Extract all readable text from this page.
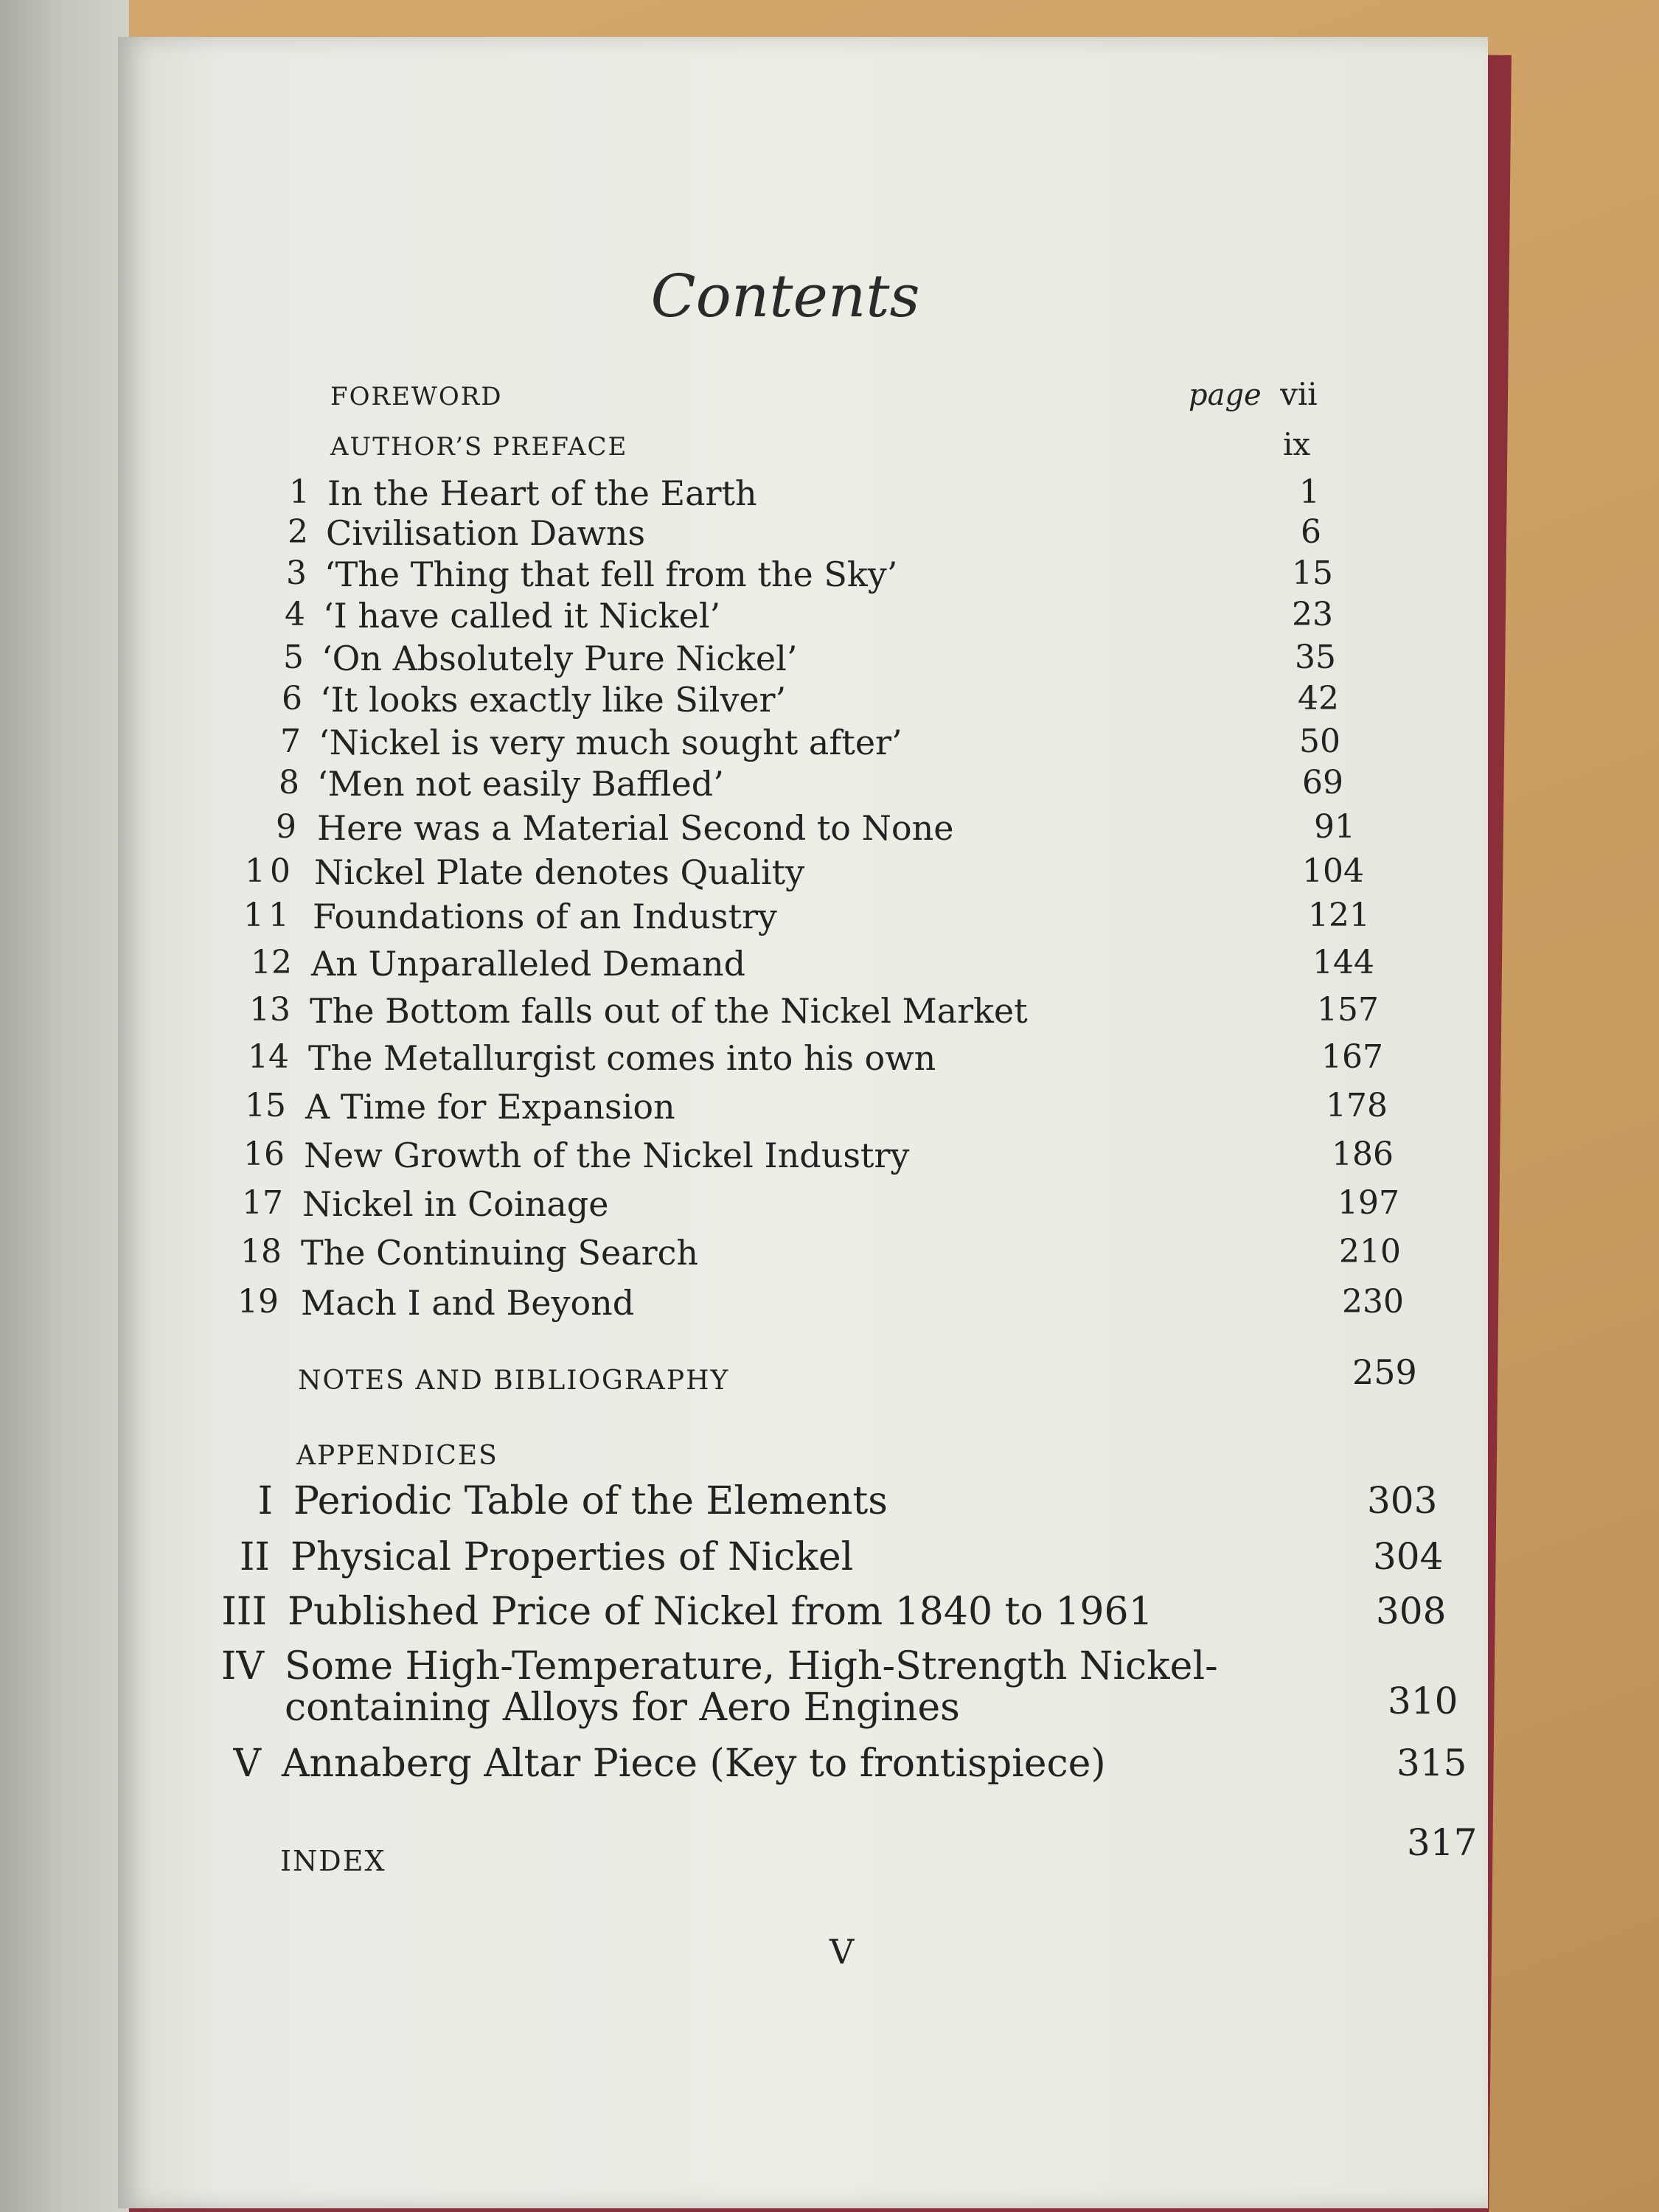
Contents
FOREWORD	page vii
AUTHOR’S PREFACE	ix
1 In the Heart of the Earth	1
2 Civilisation Dawns	6
3 ‘The Thing that fell from the Sky’	15
4 ‘I have called it Nickel’	23
5 ‘On Absolutely Pure Nickel’	35
6 ‘It looks exactly like Silver’	42
7 ‘Nickel is very much sought after’	50
8 ‘Men not easily Baffled’	69
9 Here was a Material Second to None	91
10 Nickel Plate denotes Quality	104
11 Foundations of an Industry	121
12 An Unparalleled Demand	144
13 The Bottom falls out of the Nickel Market	157
14 The Metallurgist comes into his own	167
15 A Time for Expansion	178
16 New Growth of the Nickel Industry	186
17 Nickel in Coinage	197
18 The Continuing Search	210
19 Mach I and Beyond	230
NOTES AND BIBLIOGRAPHY	259
APPENDICES
I Periodic Table of the Elements	303
II Physical Properties of Nickel	304
III Published Price of Nickel from 1840 to 1961	308
IV Some High-Temperature, High-Strength Nickel-
containing Alloys for Aero Engines	310
V Annaberg Altar Piece (Key to frontispiece)	315
INDEX	317
V
